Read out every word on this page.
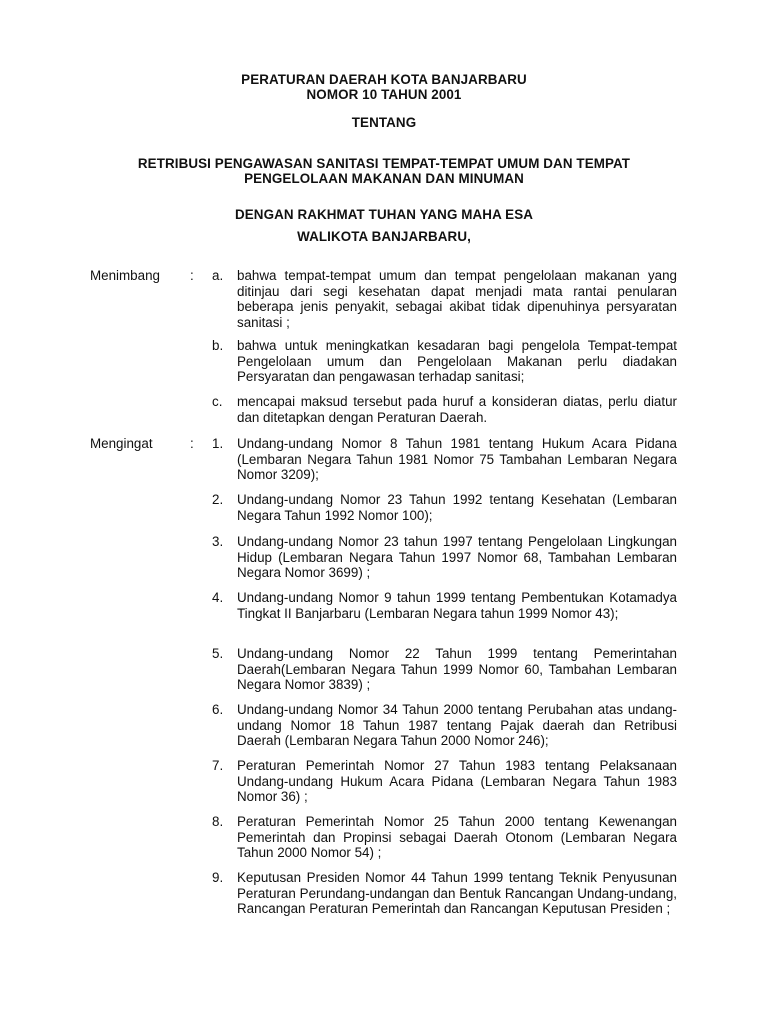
PERATURAN DAERAH KOTA BANJARBARU
NOMOR 10 TAHUN 2001
TENTANG
RETRIBUSI PENGAWASAN SANITASI TEMPAT-TEMPAT UMUM DAN TEMPAT
PENGELOLAAN MAKANAN DAN MINUMAN
DENGAN RAKHMAT TUHAN YANG MAHA ESA
WALIKOTA BANJARBARU,
Menimbang : a.	bahwa tempat-tempat umum dan tempat pengelolaan makanan yang ditinjau dari segi kesehatan dapat menjadi mata rantai penularan beberapa jenis penyakit, sebagai akibat tidak dipenuhinya persyaratan sanitasi ;
b.	bahwa untuk meningkatkan kesadaran bagi pengelola Tempat-tempat Pengelolaan umum dan Pengelolaan Makanan perlu diadakan Persyaratan dan pengawasan terhadap sanitasi;
c.	mencapai maksud tersebut pada huruf a konsideran diatas, perlu diatur dan ditetapkan dengan Peraturan Daerah.
Mengingat	: 1.	Undang-undang Nomor 8 Tahun 1981 tentang Hukum Acara Pidana (Lembaran Negara Tahun 1981 Nomor 75 Tambahan Lembaran Negara Nomor 3209);
2.	Undang-undang Nomor 23 Tahun 1992 tentang Kesehatan (Lembaran Negara Tahun 1992 Nomor 100);
3.	Undang-undang Nomor 23 tahun 1997 tentang Pengelolaan Lingkungan Hidup (Lembaran Negara Tahun 1997 Nomor 68, Tambahan Lembaran Negara Nomor 3699) ;
4.	Undang-undang Nomor 9 tahun 1999 tentang Pembentukan Kotamadya Tingkat II Banjarbaru (Lembaran Negara tahun 1999 Nomor 43);
5.	Undang-undang Nomor 22 Tahun 1999 tentang Pemerintahan Daerah(Lembaran Negara Tahun 1999 Nomor 60, Tambahan Lembaran Negara Nomor 3839) ;
6.	Undang-undang Nomor 34 Tahun 2000 tentang Perubahan atas undang-undang Nomor 18 Tahun 1987 tentang Pajak daerah dan Retribusi Daerah (Lembaran Negara Tahun 2000 Nomor 246);
7.	Peraturan Pemerintah Nomor 27 Tahun 1983 tentang Pelaksanaan Undang-undang Hukum Acara Pidana (Lembaran Negara Tahun 1983 Nomor 36) ;
8.	Peraturan Pemerintah Nomor 25 Tahun 2000 tentang Kewenangan Pemerintah dan Propinsi sebagai Daerah Otonom (Lembaran Negara Tahun 2000 Nomor 54) ;
9.	Keputusan Presiden Nomor 44 Tahun 1999 tentang Teknik Penyusunan Peraturan Perundang-undangan dan Bentuk Rancangan Undang-undang, Rancangan Peraturan Pemerintah dan Rancangan Keputusan Presiden ;
